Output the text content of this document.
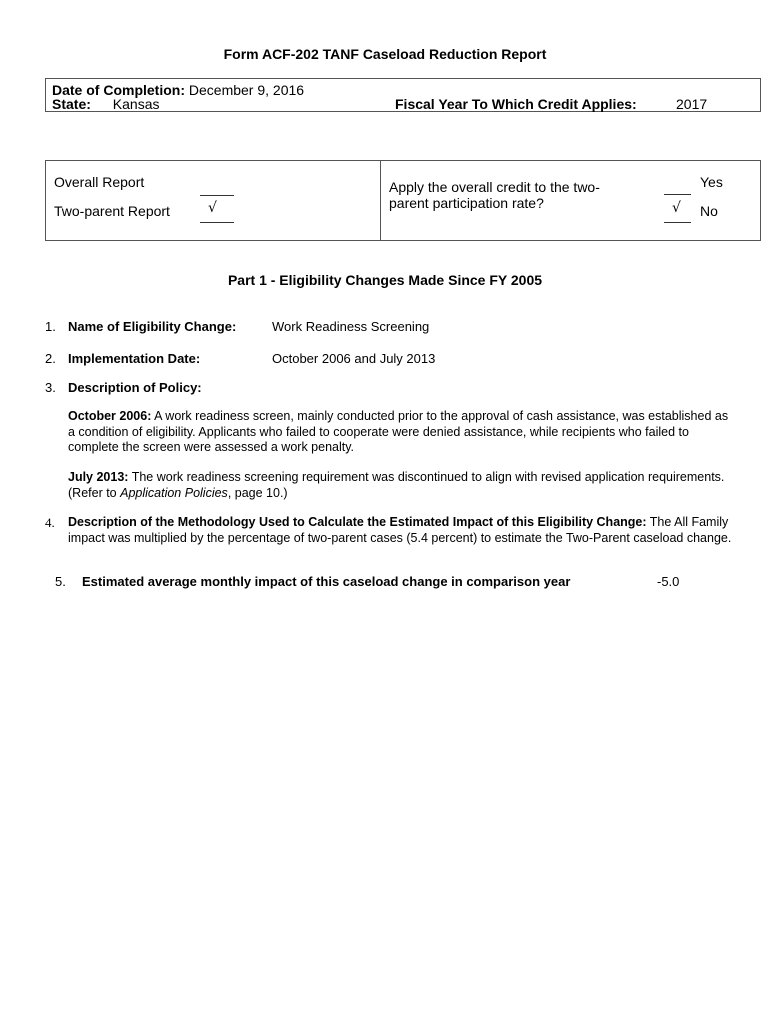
Form ACF-202 TANF Caseload Reduction Report
Date of Completion: December 9, 2016
State: Kansas	Fiscal Year To Which Credit Applies:	2017
Overall Report
Two-parent Report	√
Apply the overall credit to the two-parent participation rate?
Yes
√ No
Part 1 - Eligibility Changes Made Since FY 2005
1. Name of Eligibility Change:	Work Readiness Screening
2. Implementation Date:	October 2006 and July 2013
3. Description of Policy:
October 2006: A work readiness screen, mainly conducted prior to the approval of cash assistance, was established as a condition of eligibility. Applicants who failed to cooperate were denied assistance, while recipients who failed to complete the screen were assessed a work penalty.
July 2013: The work readiness screening requirement was discontinued to align with revised application requirements. (Refer to Application Policies, page 10.)
4. Description of the Methodology Used to Calculate the Estimated Impact of this Eligibility Change: The All Family impact was multiplied by the percentage of two-parent cases (5.4 percent) to estimate the Two-Parent caseload change.
5. Estimated average monthly impact of this caseload change in comparison year	-5.0
